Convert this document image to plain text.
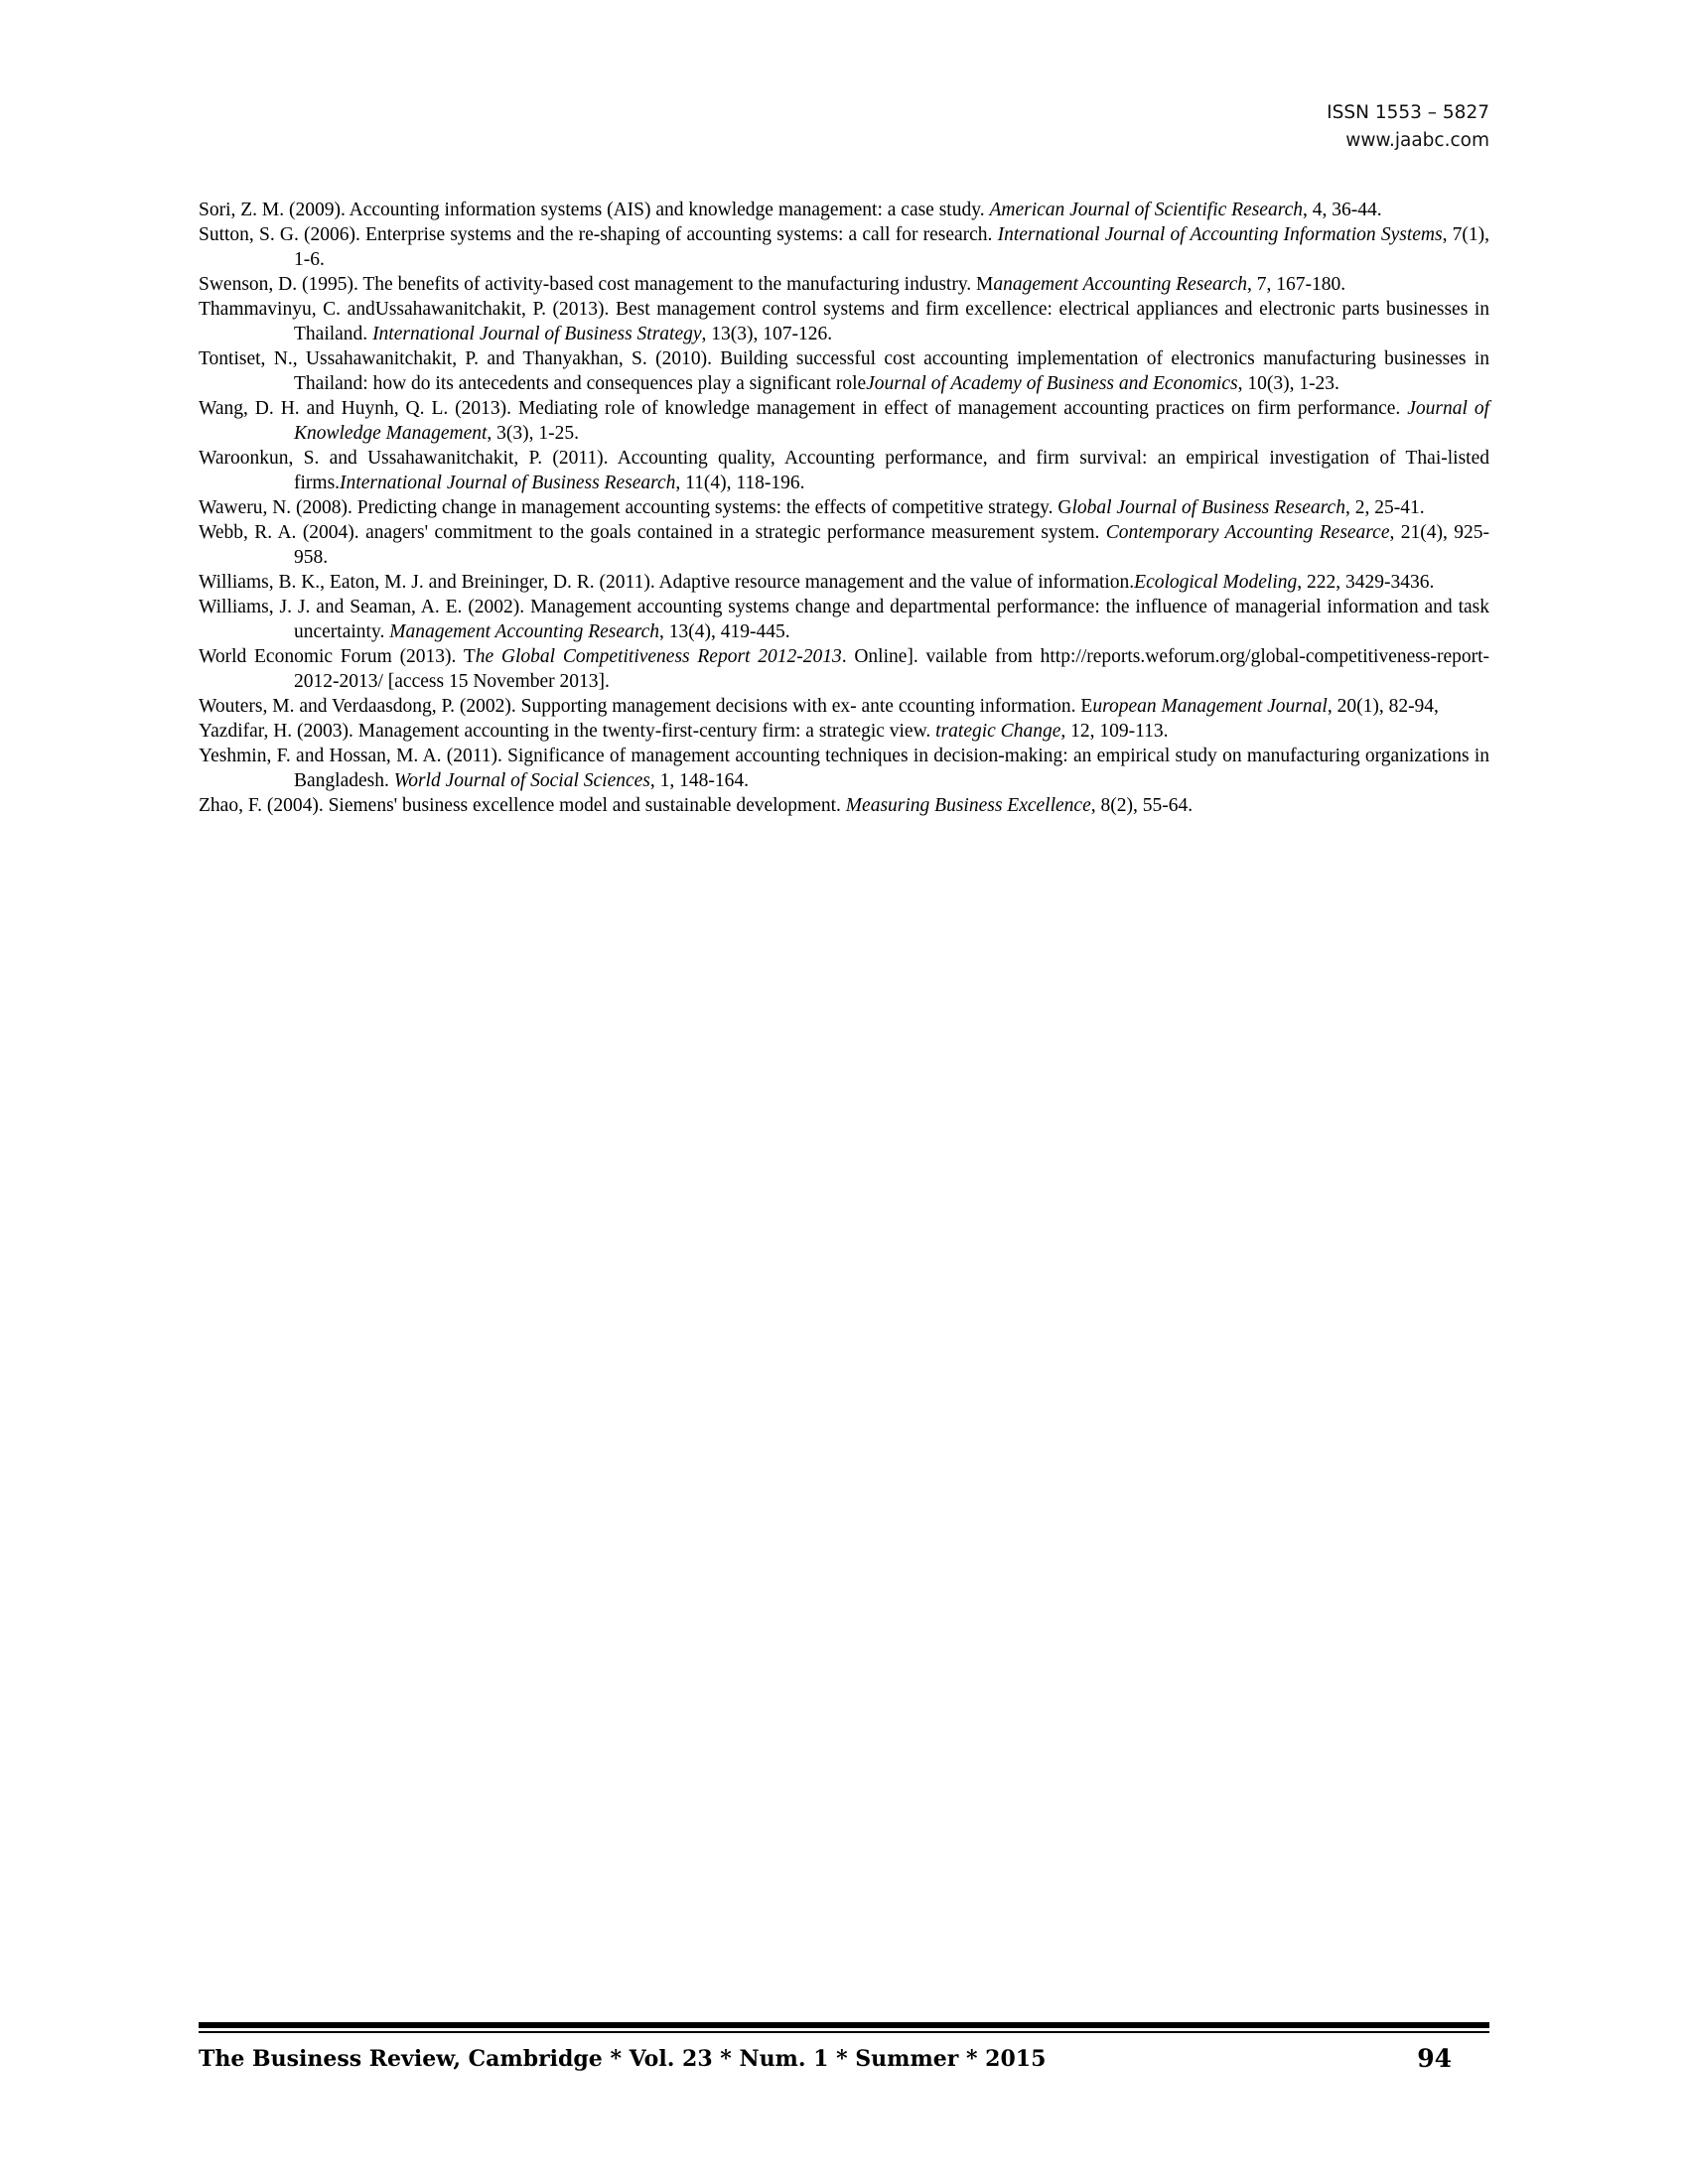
ISSN 1553 – 5827
www.jaabc.com
Sori, Z. M. (2009). Accounting information systems (AIS) and knowledge management: a case study. American Journal of Scientific Research, 4, 36-44.
Sutton, S. G. (2006). Enterprise systems and the re-shaping of accounting systems: a call for research. International Journal of Accounting Information Systems, 7(1), 1-6.
Swenson, D. (1995). The benefits of activity-based cost management to the manufacturing industry. Management Accounting Research, 7, 167-180.
Thammavinyu, C. andUssahawanitchakit, P. (2013). Best management control systems and firm excellence: electrical appliances and electronic parts businesses in Thailand. International Journal of Business Strategy, 13(3), 107-126.
Tontiset, N., Ussahawanitchakit, P. and Thanyakhan, S. (2010). Building successful cost accounting implementation of electronics manufacturing businesses in Thailand: how do its antecedents and consequences play a significant roleJournal of Academy of Business and Economics, 10(3), 1-23.
Wang, D. H. and Huynh, Q. L. (2013). Mediating role of knowledge management in effect of management accounting practices on firm performance. Journal of Knowledge Management, 3(3), 1-25.
Waroonkun, S. and Ussahawanitchakit, P. (2011). Accounting quality, Accounting performance, and firm survival: an empirical investigation of Thai-listed firms.International Journal of Business Research, 11(4), 118-196.
Waweru, N. (2008). Predicting change in management accounting systems: the effects of competitive strategy. Global Journal of Business Research, 2, 25-41.
Webb, R. A. (2004). anagers' commitment to the goals contained in a strategic performance measurement system. Contemporary Accounting Researce, 21(4), 925-958.
Williams, B. K., Eaton, M. J. and Breininger, D. R. (2011). Adaptive resource management and the value of information.Ecological Modeling, 222, 3429-3436.
Williams, J. J. and Seaman, A. E. (2002). Management accounting systems change and departmental performance: the influence of managerial information and task uncertainty. Management Accounting Research, 13(4), 419-445.
World Economic Forum (2013). The Global Competitiveness Report 2012-2013. Online]. vailable from http://reports.weforum.org/global-competitiveness-report-2012-2013/ [access 15 November 2013].
Wouters, M. and Verdaasdong, P. (2002). Supporting management decisions with ex- ante ccounting information. European Management Journal, 20(1), 82-94,
Yazdifar, H. (2003). Management accounting in the twenty-first-century firm: a strategic view. trategic Change, 12, 109-113.
Yeshmin, F. and Hossan, M. A. (2011). Significance of management accounting techniques in decision-making: an empirical study on manufacturing organizations in Bangladesh. World Journal of Social Sciences, 1, 148-164.
Zhao, F. (2004). Siemens' business excellence model and sustainable development. Measuring Business Excellence, 8(2), 55-64.
The Business Review, Cambridge * Vol. 23 * Num. 1 * Summer * 2015	94
